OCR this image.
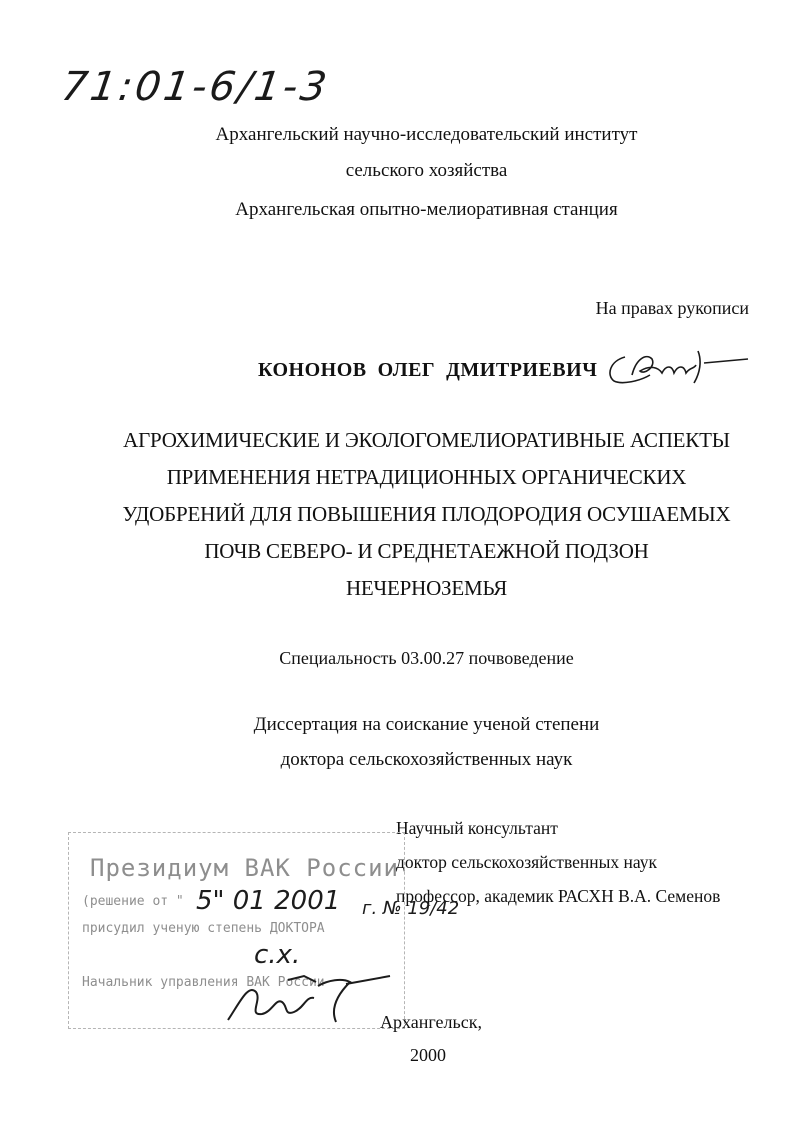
71:01-6/1-3
Архангельский научно-исследовательский институт
сельского хозяйства
Архангельская опытно-мелиоративная станция
На правах рукописи
КОНОНОВ  ОЛЕГ  ДМИТРИЕВИЧ
АГРОХИМИЧЕСКИЕ И ЭКОЛОГОМЕЛИОРАТИВНЫЕ АСПЕКТЫ
ПРИМЕНЕНИЯ НЕТРАДИЦИОННЫХ ОРГАНИЧЕСКИХ
УДОБРЕНИЙ ДЛЯ ПОВЫШЕНИЯ ПЛОДОРОДИЯ ОСУШАЕМЫХ
ПОЧВ СЕВЕРО- И СРЕДНЕТАЕЖНОЙ ПОДЗОН
НЕЧЕРНОЗЕМЬЯ
Специальность 03.00.27 почвоведение
Диссертация на соискание ученой степени
доктора сельскохозяйственных наук
Научный консультант
доктор сельскохозяйственных наук
профессор, академик РАСХН В.А. Семенов
Президиум ВАК России
(решение от " 5" 01 2001 г. № 19/42
присудил ученую степень ДОКТОРА
с.х.
Начальник управления ВАК России
Архангельск,
2000
